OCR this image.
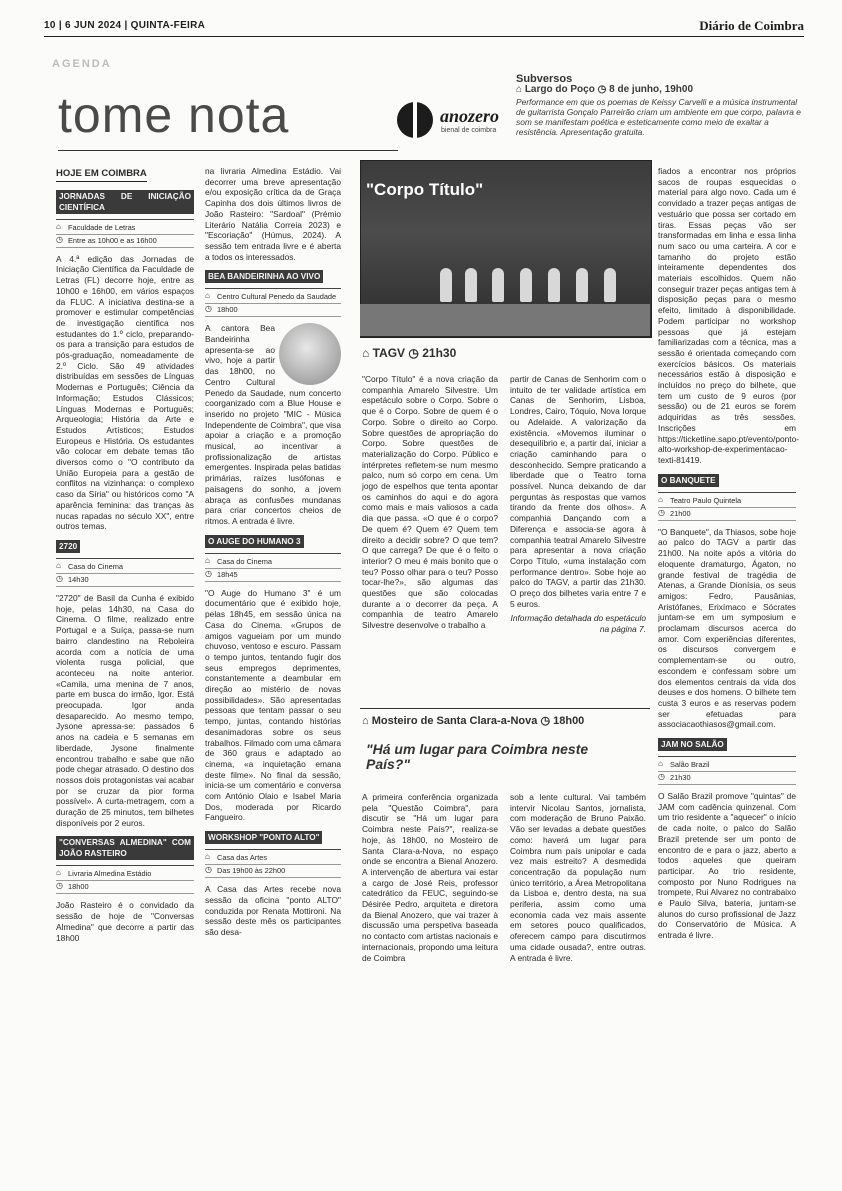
10 | 6 JUN 2024 | QUINTA-FEIRA	Diário de Coimbra
AGENDA
tome nota	anozero
bienal de coimbra
Subversos
⌂ Largo do Poço ◷ 8 de junho, 19h00
Performance em que os poemas de Keissy Carvelli e a música instrumental de guitarrista Gonçalo Parreirão criam um ambiente em que corpo, palavra e som se manifestam poética e esteticamente como meio de exaltar a resistência. Apresentação gratuita.
HOJE EM COIMBRA
JORNADAS DE INICIAÇÃO CIENTÍFICA
⌂ Faculdade de Letras
◷ Entre as 10h00 e as 16h00

A 4.ª edição das Jornadas de Iniciação Científica da Faculdade de Letras (FL) decorre hoje, entre as 10h00 e 16h00, em vários espaços da FLUC. A iniciativa destina-se a promover e estimular competências de investigação científica nos estudantes do 1.º ciclo, preparando-os para a transição para estudos de pós-graduação, nomeadamente de 2.º Ciclo. São 49 atividades distribuídas em sessões de Línguas Modernas e Português; Ciência da Informação; Estudos Clássicos; Línguas Modernas e Português; Arqueologia; História da Arte e Estudos Artísticos; Estudos Europeus e História. Os estudantes vão colocar em debate temas tão diversos como o "O contributo da União Europeia para a gestão de conflitos na vizinhança: o complexo caso da Síria" ou históricos como "A aparência feminina: das tranças às nucas rapadas no século XX", entre outros temas.

2720
⌂ Casa do Cinema
◷ 14h30

"2720" de Basil da Cunha é exibido hoje, pelas 14h30, na Casa do Cinema. O filme, realizado entre Portugal e a Suíça, passa-se num bairro clandestino na Reboleira acorda com a notícia de uma violenta rusga policial, que aconteceu na noite anterior. «Camila, uma menina de 7 anos, parte em busca do irmão, Igor. Está preocupada. Igor anda desaparecido. Ao mesmo tempo, Jysone apressa-se: passados 6 anos na cadeia e 5 semanas em liberdade, Jysone finalmente encontrou trabalho e sabe que não pode chegar atrasado. O destino dos nossos dois protagonistas vai acabar por se cruzar da pior forma possível». A curta-metragem, com a duração de 25 minutos, tem bilhetes disponíveis por 2 euros.

"CONVERSAS ALMEDINA" COM JOÃO RASTEIRO
⌂ Livraria Almedina Estádio
◷ 18h00

João Rasteiro é o convidado da sessão de hoje de "Conversas Almedina" que decorre a partir das 18h00

na livraria Almedina Estádio. Vai decorrer uma breve apresentação e/ou exposição crítica da de Graça Capinha dos dois últimos livros de João Rasteiro: "Sardoal" (Prémio Literário Natália Correia 2023) e "Escoriação" (Húmus, 2024). A sessão tem entrada livre e é aberta a todos os interessados.

BEA BANDEIRINHA AO VIVO
⌂ Centro Cultural Penedo da Saudade
◷ 18h00

A cantora Bea Bandeirinha apresenta-se ao vivo, hoje a partir das 18h00, no Centro Cultural Penedo da Saudade, num concerto coorganizado com a Blue House e inserido no projeto "MIC - Música Independente de Coimbra", que visa apoiar a criação e a promoção musical, ao incentivar a profissionalização de artistas emergentes. Inspirada pelas batidas primárias, raízes lusófonas e paisagens do sonho, a jovem abraça as confusões mundanas para criar concertos cheios de ritmos. A entrada é livre.

O AUGE DO HUMANO 3
⌂ Casa do Cinema
◷ 18h45

"O Auge do Humano 3" é um documentário que é exibido hoje, pelas 18h45, em sessão única na Casa do Cinema. «Grupos de amigos vagueiam por um mundo chuvoso, ventoso e escuro. Passam o tempo juntos, tentando fugir dos seus empregos deprimentes, constantemente a deambular em direção ao mistério de novas possibilidades». São apresentadas pessoas que tentam passar o seu tempo, juntas, contando histórias desanimadoras sobre os seus trabalhos. Filmado com uma câmara de 360 graus e adaptado ao cinema, «a inquietação emana deste filme». No final da sessão, inicia-se um comentário e conversa com António Olaio e Isabel Maria Dos, moderada por Ricardo Fangueiro.

WORKSHOP "PONTO ALTO"
⌂ Casa das Artes
◷ Das 19h00 às 22h00

A Casa das Artes recebe nova sessão da oficina "ponto ALTO" conduzida por Renata Mottironi. Na sessão deste mês os participantes são desa-

"Corpo Título"
⌂ TAGV ◷ 21h30

"Corpo Título" é a nova criação da companhia Amarelo Silvestre. Um espetáculo sobre o Corpo. Sobre o que é o Corpo. Sobre de quem é o Corpo. Sobre o direito ao Corpo. Sobre questões de apropriação do Corpo. Sobre questões de materialização do Corpo. Público e intérpretes refletem-se num mesmo palco, num só corpo em cena. Um jogo de espelhos que tenta apontar os caminhos do aqui e do agora como mais e mais valiosos a cada dia que passa. «O que é o corpo? De quem é? Quem é? Quem tem direito a decidir sobre? O que tem? O que carrega? De que é o feito o interior? O meu é mais bonito que o teu? Posso olhar para o teu? Posso tocar-lhe?», são algumas das questões que são colocadas durante a o decorrer da peça. A companhia de teatro Amarelo Silvestre desenvolve o trabalho a

partir de Canas de Senhorim com o intuito de ter validade artística em Canas de Senhorim, Lisboa, Londres, Cairo, Tóquio, Nova Iorque ou Adelaide. A valorização da existência. «Movemos iluminar o desequilíbrio e, a partir daí, iniciar a criação caminhando para o desconhecido. Sempre praticando a liberdade que o Teatro torna possível. Nunca deixando de dar perguntas às respostas que vamos tirando da frente dos olhos». A companhia Dançando com a Diferença e associa-se agora à companhia teatral Amarelo Silvestre para apresentar a nova criação Corpo Título, «uma instalação com performance dentro». Sobe hoje ao palco do TAGV, a partir das 21h30. O preço dos bilhetes varia entre 7 e 5 euros.

Informação detalhada do espetáculo na página 7.

⌂ Mosteiro de Santa Clara-a-Nova ◷ 18h00
"Há um lugar para Coimbra neste País?"

A primeira conferência organizada pela "Questão Coimbra", para discutir se "Há um lugar para Coimbra neste País?", realiza-se hoje, às 18h00, no Mosteiro de Santa Clara-a-Nova, no espaço onde se encontra a Bienal Anozero. A intervenção de abertura vai estar a cargo de José Reis, professor catedrático da FEUC, seguindo-se Désirée Pedro, arquiteta e diretora da Bienal Anozero, que vai trazer à discussão uma perspetiva baseada no contacto com artistas nacionais e internacionais, propondo uma leitura de Coimbra

sob a lente cultural. Vai também intervir Nicolau Santos, jornalista, com moderação de Bruno Paixão. Vão ser levadas a debate questões como: haverá um lugar para Coimbra num país unipolar e cada vez mais estreito? A desmedida concentração da população num único território, a Área Metropolitana da Lisboa e, dentro desta, na sua periferia, assim como uma economia cada vez mais assente em setores pouco qualificados, oferecem campo para discutirmos uma cidade ousada?, entre outras. A entrada é livre.

fiados a encontrar nos próprios sacos de roupas esquecidas o material para algo novo. Cada um é convidado a trazer peças antigas de vestuário que possa ser cortado em tiras. Essas peças vão ser transformadas em linha e essa linha num saco ou uma carteira. A cor e tamanho do projeto estão inteiramente dependentes dos materiais escolhidos. Quem não conseguir trazer peças antigas tem à disposição peças para o mesmo efeito, limitado à disponibilidade. Podem participar no workshop pessoas que já estejam familiarizadas com a técnica, mas a sessão é orientada começando com exercícios básicos. Os materiais necessários estão à disposição e incluídos no preço do bilhete, que tem um custo de 9 euros (por sessão) ou de 21 euros se forem adquiridas as três sessões. Inscrições em https://ticketline.sapo.pt/evento/ponto-alto-workshop-de-experimentacao-texti-81419.

O BANQUETE
⌂ Teatro Paulo Quintela
◷ 21h00

"O Banquete", da Thiasos, sobe hoje ao palco do TAGV a partir das 21h00. Na noite após a vitória do eloquente dramaturgo, Ágaton, no grande festival de tragédia de Atenas, a Grande Dionísia, os seus amigos: Fedro, Pausânias, Aristófanes, Erixímaco e Sócrates juntam-se em um symposium e proclamam discursos acerca do amor. Com experiências diferentes, os discursos convergem e complementam-se ou outro, escondem e confessam sobre um dos elementos centrais da vida dos deuses e dos homens. O bilhete tem custa 3 euros e as reservas podem ser efetuadas para associacaothiasos@gmail.com.

JAM NO SALÃO
⌂ Salão Brazil
◷ 21h30

O Salão Brazil promove "quintas" de JAM com cadência quinzenal. Com um trio residente a "aquecer" o início de cada noite, o palco do Salão Brazil pretende ser um ponto de encontro de e para o jazz, aberto a todos aqueles que queiram participar. Ao trio residente, composto por Nuno Rodrigues na trompete, Rui Alvarez no contrabaixo e Paulo Silva, bateria, juntam-se alunos do curso profissional de Jazz do Conservatório de Música. A entrada é livre.
